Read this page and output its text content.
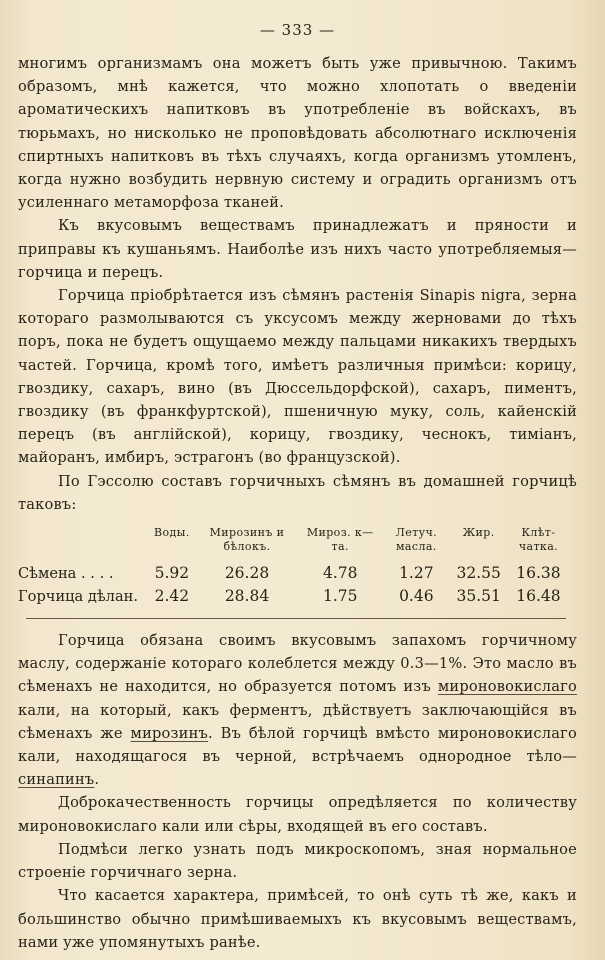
— 333 —

многимъ организмамъ она можетъ быть уже привычною. Такимъ образомъ, мнѣ кажется, что можно хлопотать о введеніи ароматическихъ напитковъ въ употребленіе въ войскахъ, въ тюрьмахъ, но нисколько не проповѣдовать абсолютнаго исключенія спиртныхъ напитковъ въ тѣхъ случаяхъ, когда организмъ утомленъ, когда нужно возбудить нервную систему и оградить организмъ отъ усиленнаго метаморфоза тканей.

Къ вкусовымъ веществамъ принадлежатъ и пряности и приправы къ кушаньямъ. Наиболѣе изъ нихъ часто употребляемыя— горчица и перецъ.

Горчица пріобрѣтается изъ сѣмянъ растенія Sinapis nigra, зерна котораго размолываются съ уксусомъ между жерновами до тѣхъ поръ, пока не будетъ ощущаемо между пальцами никакихъ твердыхъ частей. Горчица, кромѣ того, имѣетъ различныя примѣси: корицу, гвоздику, сахаръ, вино (въ Дюссельдорфской), сахаръ, пиментъ, гвоздику (въ франкфуртской), пшеничную муку, соль, кайенскій перецъ (въ англійской), корицу, гвоздику, чеснокъ, тиміанъ, майоранъ, имбиръ, эстрагонъ (во французской).

По Гэссолю составъ горчичныхъ сѣмянъ въ домашней горчицѣ таковъ:

	Воды.	Мирозинъ и бѣлокъ.	Мироз. к—та.	Летуч. масла.	Жир.	Клѣт- чатка.
Сѣмена . . . .	5.92	26.28	4.78	1.27	32.55	16.38
Горчица дѣлан.	2.42	28.84	1.75	0.46	35.51	16.48

Горчица обязана своимъ вкусовымъ запахомъ горчичному маслу, содержаніе котораго колеблется между 0.3—1%. Это масло въ сѣменахъ не находится, но образуется потомъ изъ мироновокислаго кали, на который, какъ ферментъ, дѣйствуетъ заключающійся въ сѣменахъ же мирозинъ. Въ бѣлой горчицѣ вмѣсто мироновокислаго кали, находящагося въ черной, встрѣчаемъ однородное тѣло— синапинъ.

Доброкачественность горчицы опредѣляется по количеству мироновокислаго кали или сѣры, входящей въ его составъ.

Подмѣси легко узнать подъ микроскопомъ, зная нормальное строеніе горчичнаго зерна.

Что касается характера, примѣсей, то онѣ суть тѣ же, какъ и большинство обычно примѣшиваемыхъ къ вкусовымъ веществамъ, нами уже упомянутыхъ ранѣе.
